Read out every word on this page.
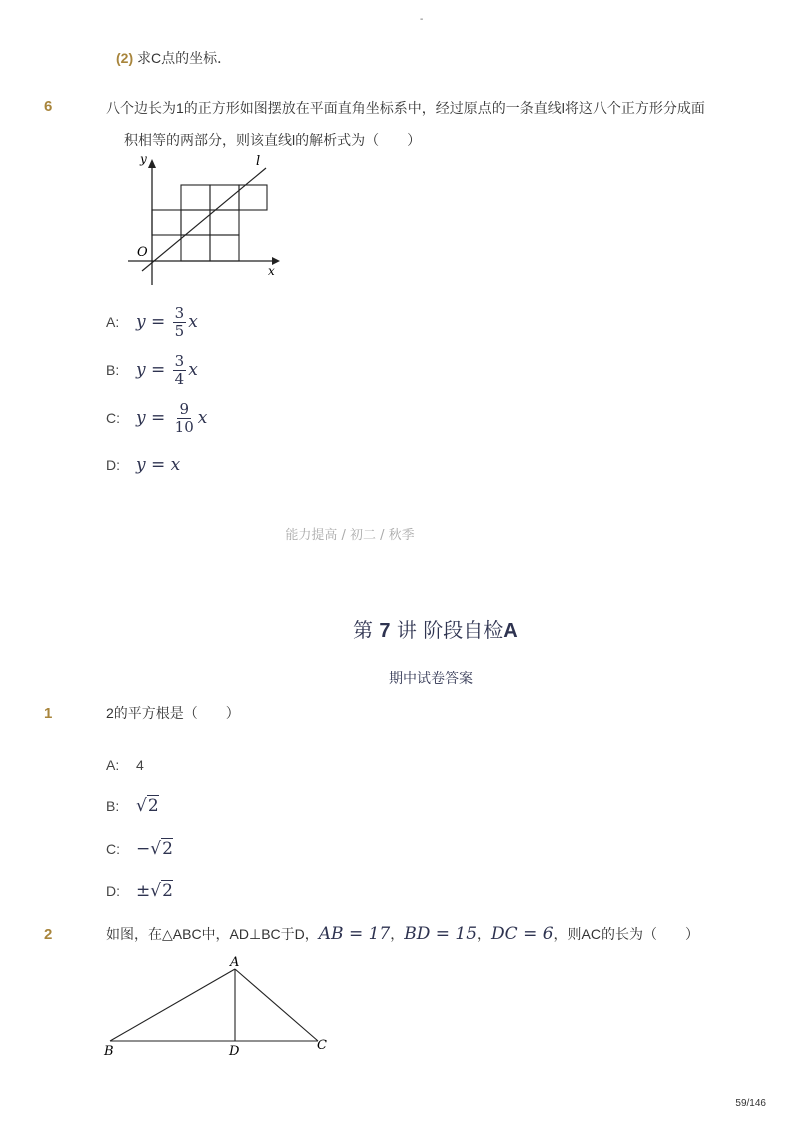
-
(2) 求C点的坐标．
6	八个边长为1的正方形如图摆放在平面直角坐标系中，经过原点的一条直线l将这八个正方形分成面
积相等的两部分，则该直线l的解析式为（　　）
y
x
O
l
A: $y = \frac{3}{5}$ x
B: $y = \frac{3}{4}$ x
C: $y = \frac{9}{10}$ x
D: y = x
能力提高 / 初二 / 秋季
第 7 讲 阶段自检A
期中试卷答案
1	2的平方根是（　　）
A:	4
B: √2
C: −√2
D: ±√2
2	如图，在△ABC中，AD⊥BC于D，AB = 17，BD = 15，DC = 6，则AC的长为（　　）
A
B	C
D
59/146
